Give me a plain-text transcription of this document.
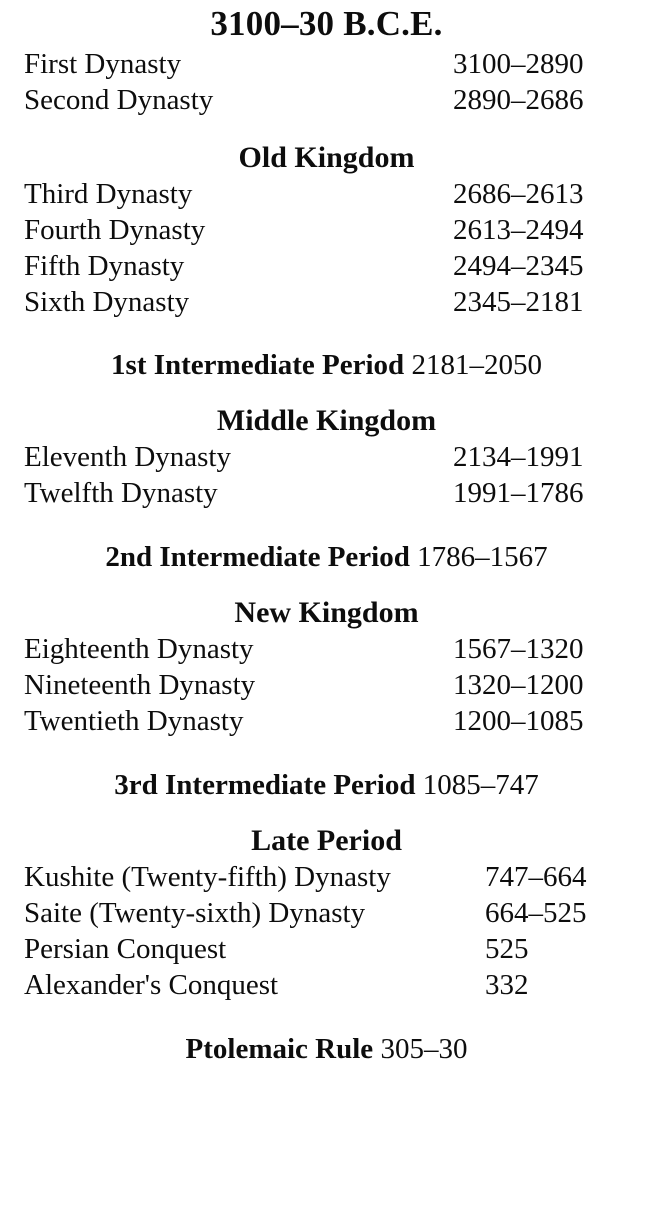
3100–30 B.C.E.
First Dynasty	3100–2890
Second Dynasty	2890–2686
Old Kingdom
Third Dynasty	2686–2613
Fourth Dynasty	2613–2494
Fifth Dynasty	2494–2345
Sixth Dynasty	2345–2181
1st Intermediate Period 2181–2050
Middle Kingdom
Eleventh Dynasty	2134–1991
Twelfth Dynasty	1991–1786
2nd Intermediate Period 1786–1567
New Kingdom
Eighteenth Dynasty	1567–1320
Nineteenth Dynasty	1320–1200
Twentieth Dynasty	1200–1085
3rd Intermediate Period 1085–747
Late Period
Kushite (Twenty-fifth) Dynasty	747–664
Saite (Twenty-sixth) Dynasty	664–525
Persian Conquest	525
Alexander's Conquest	332
Ptolemaic Rule 305–30
